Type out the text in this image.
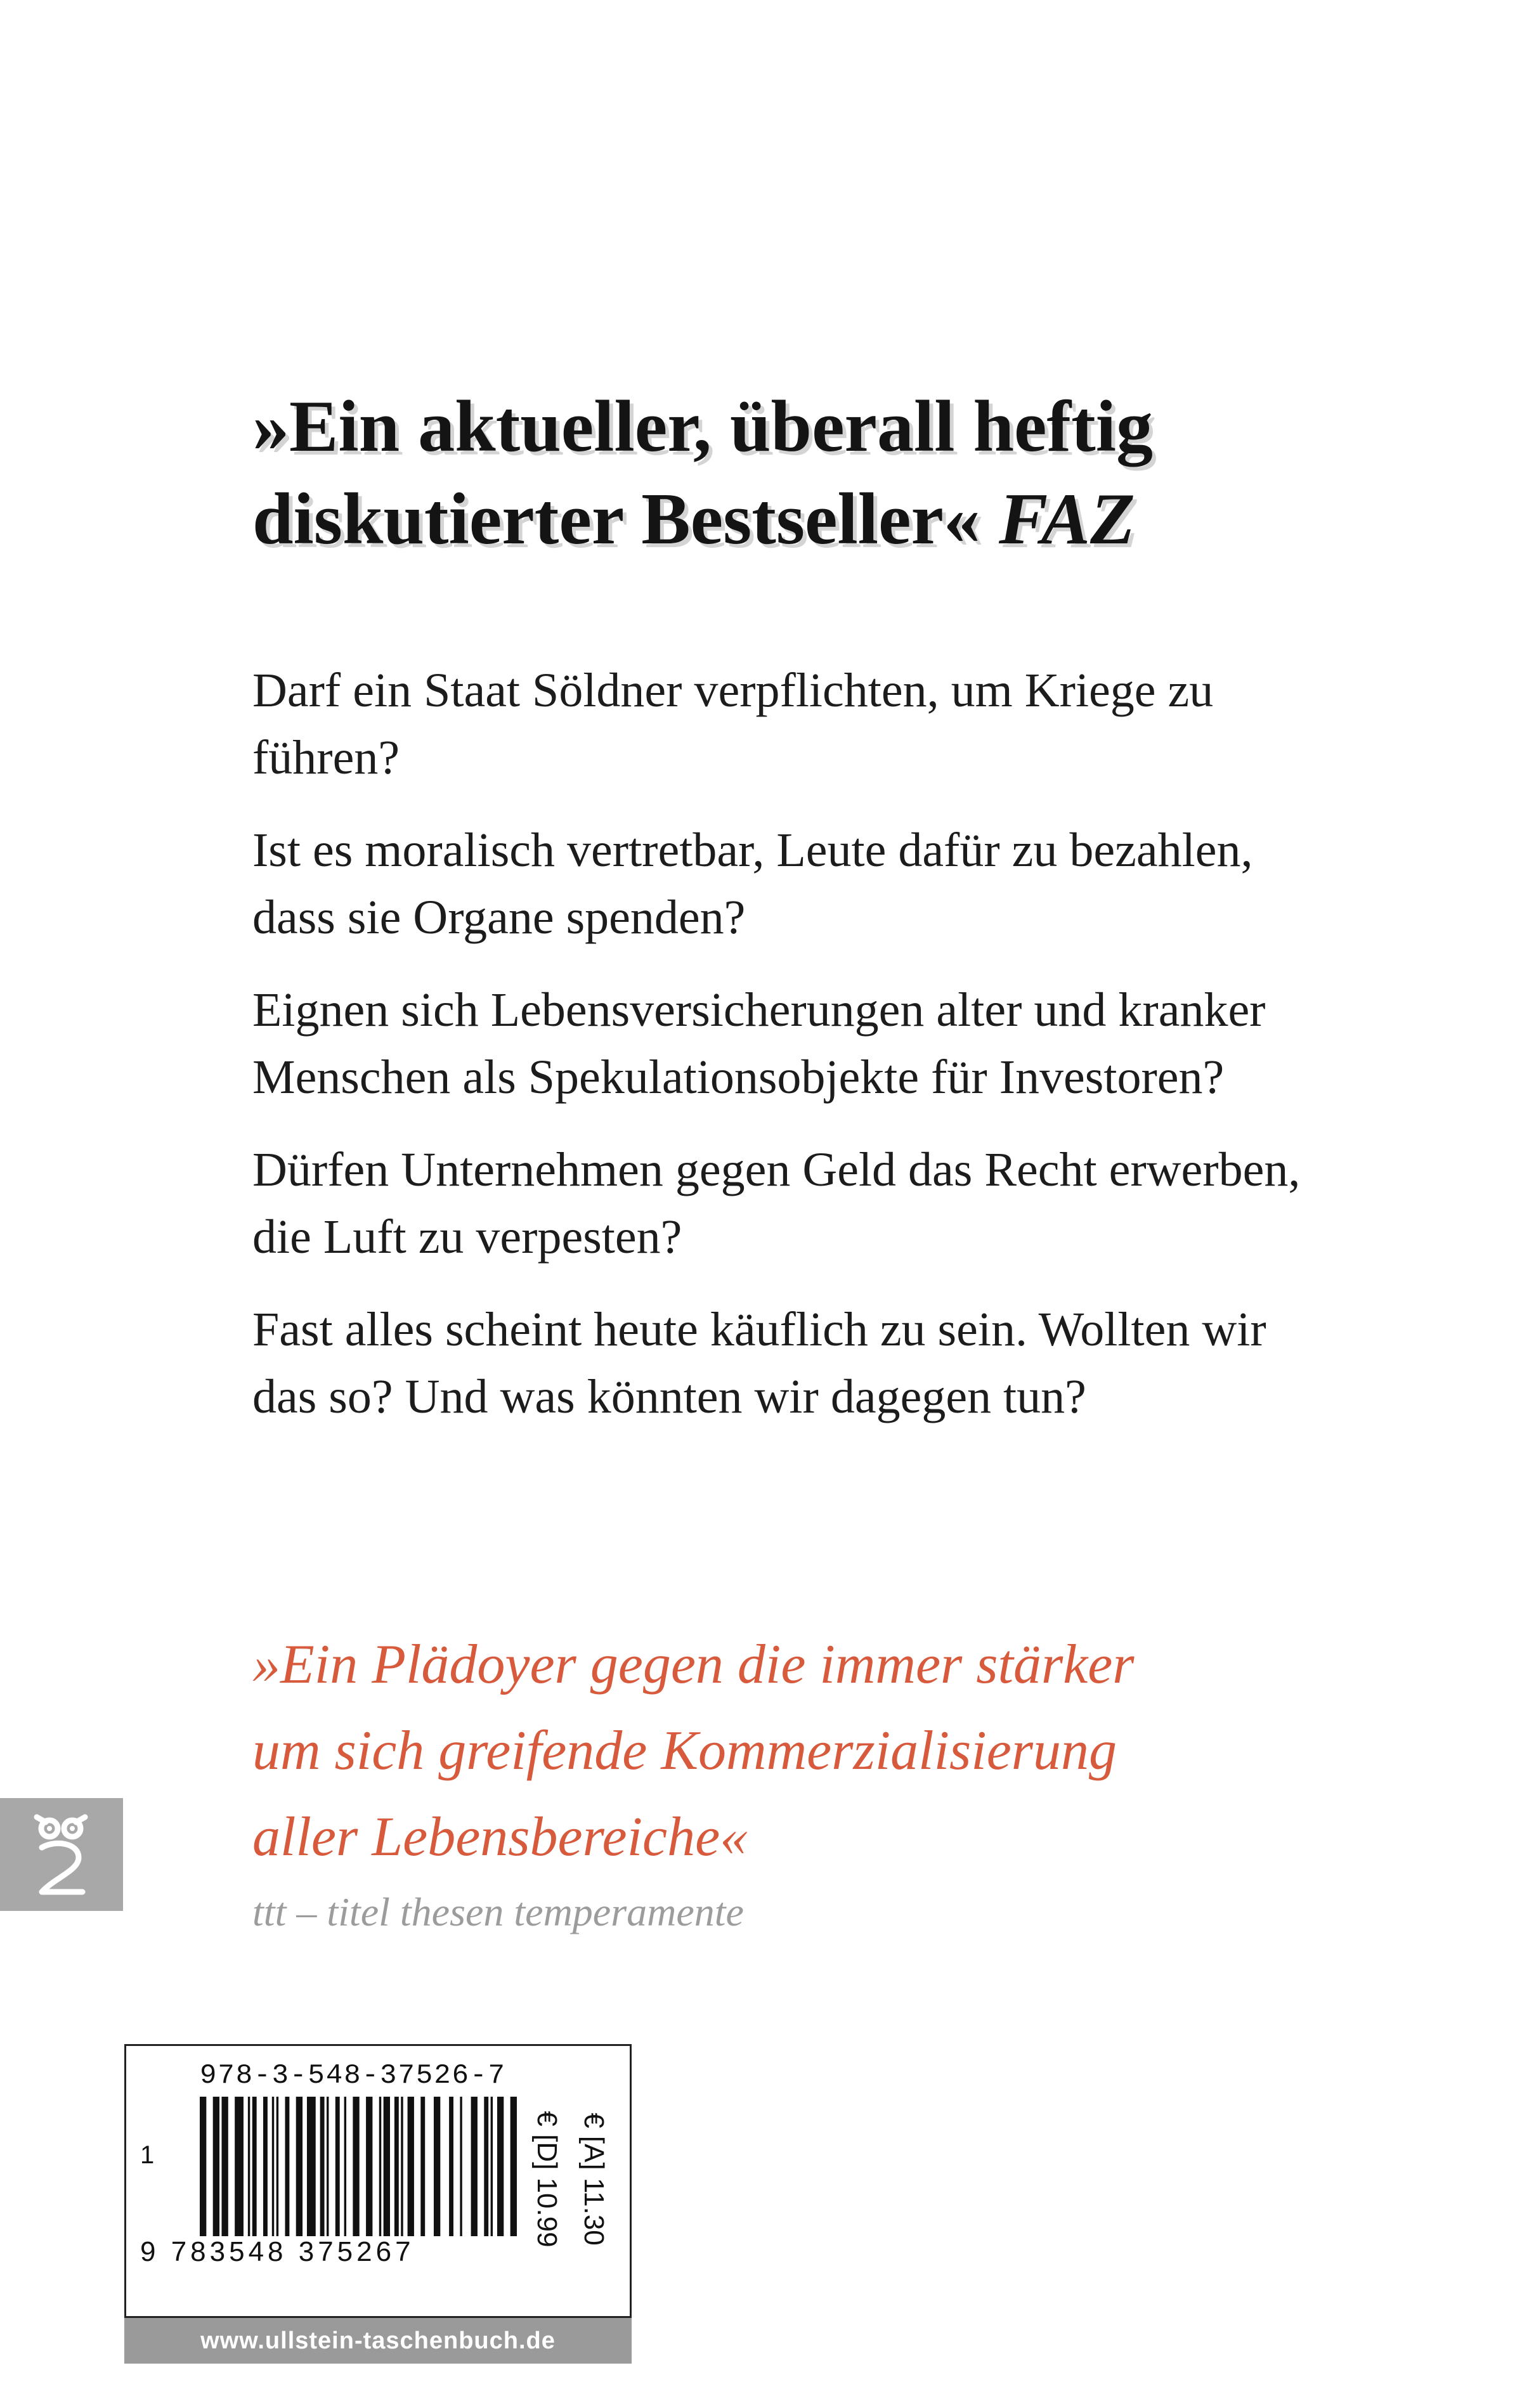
»Ein aktueller, überall heftig
diskutierter Bestseller« FAZ

Darf ein Staat Söldner verpflichten, um Kriege zu
führen?

Ist es moralisch vertretbar, Leute dafür zu bezahlen,
dass sie Organe spenden?

Eignen sich Lebensversicherungen alter und kranker
Menschen als Spekulationsobjekte für Investoren?

Dürfen Unternehmen gegen Geld das Recht erwerben,
die Luft zu verpesten?

Fast alles scheint heute käuflich zu sein. Wollten wir
das so? Und was könnten wir dagegen tun?

»Ein Plädoyer gegen die immer stärker
um sich greifende Kommerzialisierung
aller Lebensbereiche«

ttt – titel thesen temperamente

978-3-548-37526-7
1
9 783548 375267
€ [D] 10.99 € [A] 11.30
www.ullstein-taschenbuch.de
